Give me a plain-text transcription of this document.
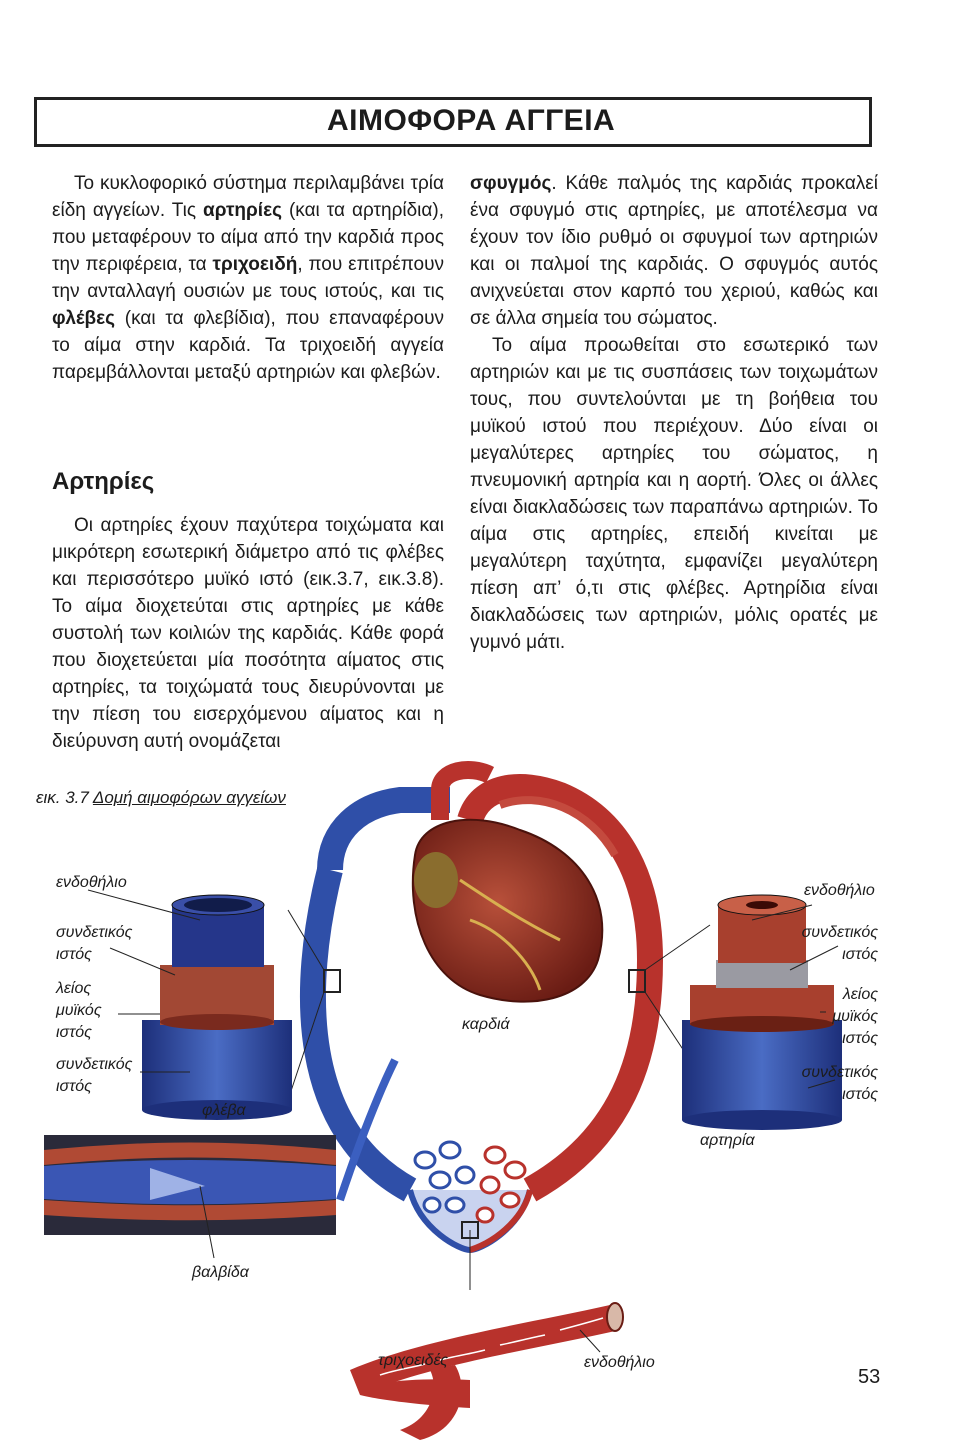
ΑΙΜΟΦΟΡΑ ΑΓΓΕΙΑ

Το κυκλοφορικό σύστημα περιλαμβάνει τρία είδη αγγείων. Τις αρτηρίες (και τα αρτηρίδια), που μεταφέρουν το αίμα από την καρδιά προς την περιφέρεια, τα τριχοειδή, που επιτρέπουν την ανταλλαγή ουσιών με τους ιστούς, και τις φλέβες (και τα φλεβίδια), που επαναφέρουν το αίμα στην καρδιά. Τα τριχοειδή αγγεία παρεμβάλλονται μεταξύ αρτηριών και φλεβών.

Αρτηρίες

Οι αρτηρίες έχουν παχύτερα τοιχώματα και μικρότερη εσωτερική διάμετρο από τις φλέβες και περισσότερο μυϊκό ιστό (εικ.3.7, εικ.3.8). Το αίμα διοχετεύται στις αρτηρίες με κάθε συστολή των κοιλιών της καρδιάς. Κάθε φορά που διοχετεύεται μία ποσότητα αίματος στις αρτηρίες, τα τοιχώματά τους διευρύνονται με την πίεση του εισερχόμενου αίματος και η διεύρυνση αυτή ονομάζεται

σφυγμός. Κάθε παλμός της καρδιάς προκαλεί ένα σφυγμό στις αρτηρίες, με αποτέλεσμα να έχουν τον ίδιο ρυθμό οι σφυγμοί των αρτηριών και οι παλμοί της καρδιάς. Ο σφυγμός αυτός ανιχνεύεται στον καρπό του χεριού, καθώς και σε άλλα σημεία του σώματος.

Το αίμα προωθείται στο εσωτερικό των αρτηριών και με τις συσπάσεις των τοιχωμάτων τους, που συντελούνται με τη βοήθεια του μυϊκού ιστού που περιέχουν. Δύο είναι οι μεγαλύτερες αρτηρίες του σώματος, η πνευμονική αρτηρία και η αορτή. Όλες οι άλλες είναι διακλαδώσεις των παραπάνω αρτηριών. Το αίμα στις αρτηρίες, επειδή κινείται με μεγαλύτερη ταχύτητα, εμφανίζει μεγαλύτερη πίεση απ’ ό,τι στις φλέβες. Αρτηρίδια είναι διακλαδώσεις των αρτηριών, μόλις ορατές με γυμνό μάτι.

εικ. 3.7 Δομή αιμοφόρων αγγείων
ενδοθήλιο
συνδετικός
ιστός
λείος
μυϊκός
ιστός
συνδετικός
ιστός
φλέβα
καρδιά
ενδοθήλιο
συνδετικός
ιστός
λείος
μυϊκός
ιστός
συνδετικός
ιστός
αρτηρία
βαλβίδα
τριχοειδές	ενδοθήλιο
53
